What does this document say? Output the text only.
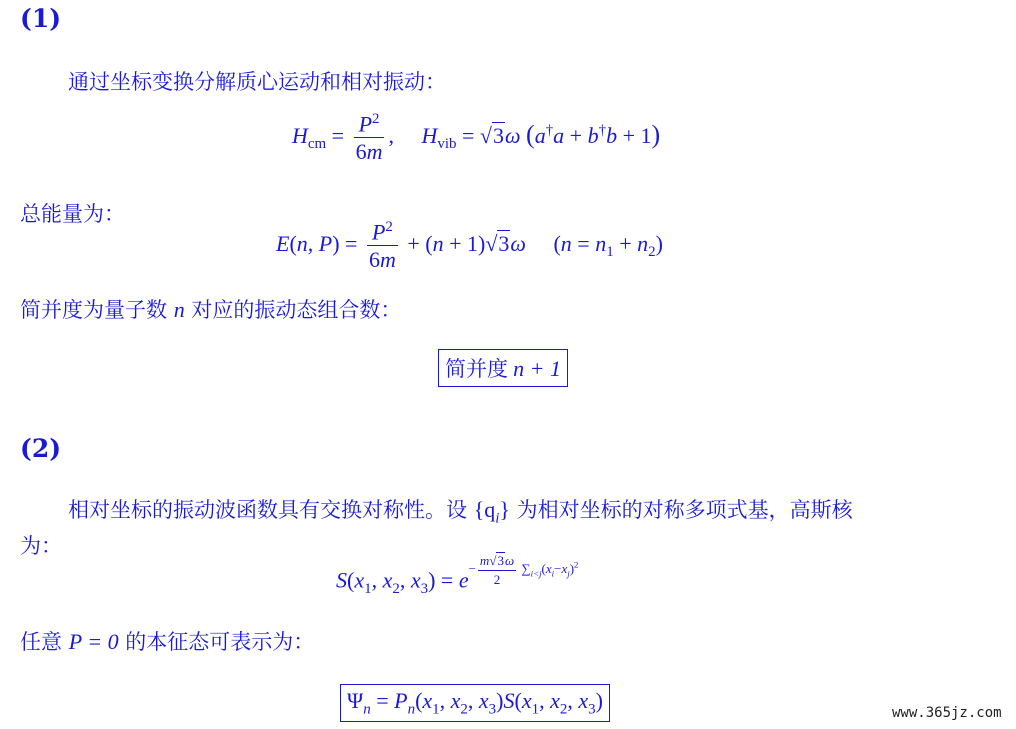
(1)
通过坐标变换分解质心运动和相对振动：
$H_{cm} = \frac{P^2}{6m}$ ,     $H_{vib} = √3\omega$ (a†a + b†b + 1)
总能量为：
E(n, $P) = \frac{P^2}{6m} + (n + 1)√3\omega$     $(n = n_1 + n_2)$
简并度为量子数 n 对应的振动态组合数：
简并度 n + 1
(2)
相对坐标的振动波函数具有交换对称性。设 $\{q_i\}$ 为相对坐标的对称多项式基，高斯核
为：
$S(x_1$, $x_2$, $x_3) = e^{- \frac{m√3\omega}{2} \sum_{i<j}(x_i-x_j)^2}$
任意 P = 0 的本征态可表示为：
$\Psi_n = P_n(x_1$, $x_2$, $x_3)S(x_1$, $x_2$, $x_3$)	www.365jz.com
